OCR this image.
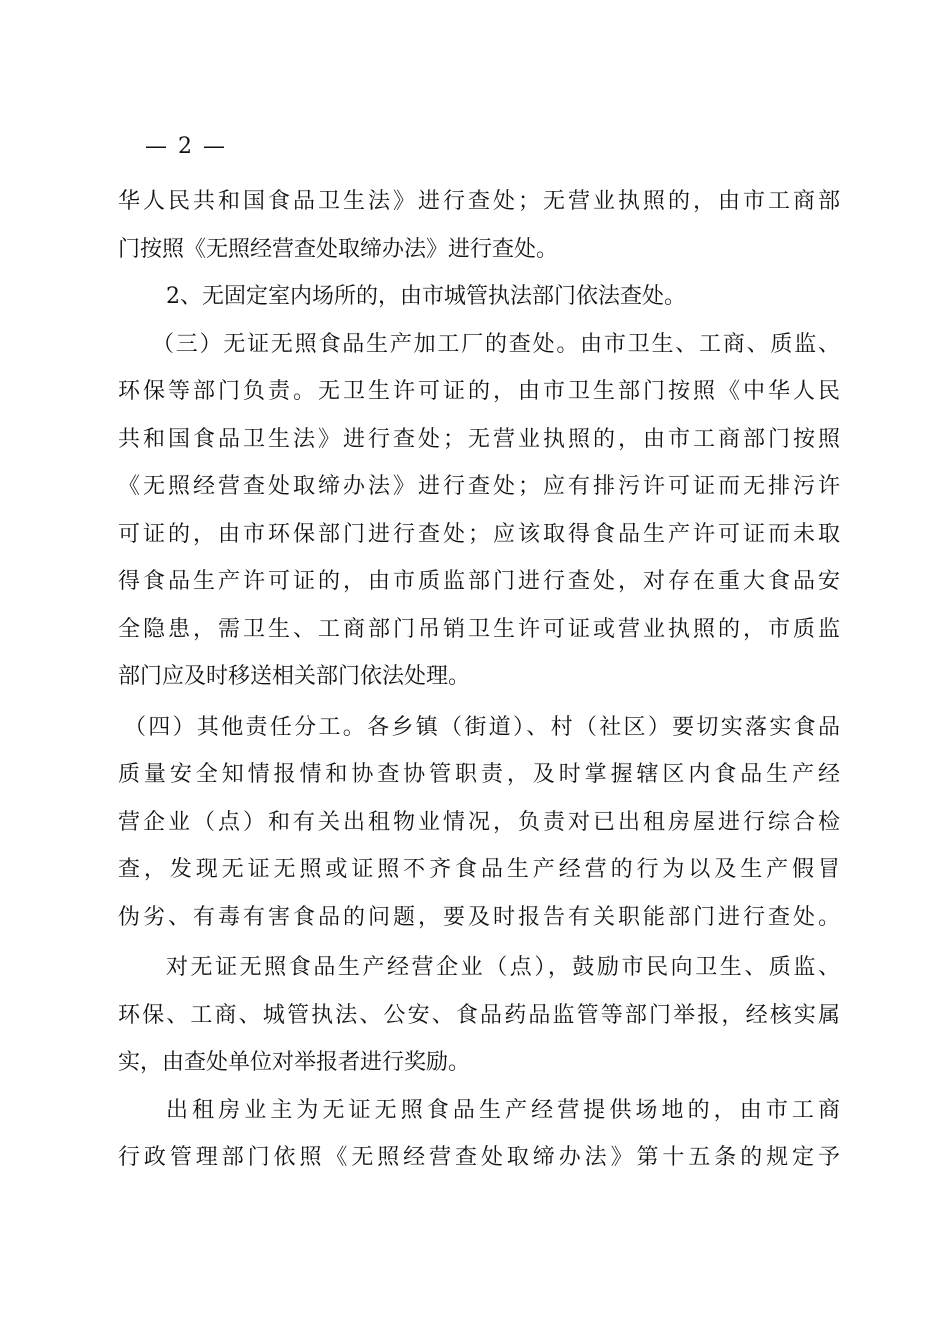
— 2 —
华人民共和国食品卫生法》进行查处；无营业执照的，由市工商部
门按照《无照经营查处取缔办法》进行查处。
2、无固定室内场所的，由市城管执法部门依法查处。
（三）无证无照食品生产加工厂的查处。由市卫生、工商、质监、
环保等部门负责。无卫生许可证的，由市卫生部门按照《中华人民
共和国食品卫生法》进行查处；无营业执照的，由市工商部门按照
《无照经营查处取缔办法》进行查处；应有排污许可证而无排污许
可证的，由市环保部门进行查处；应该取得食品生产许可证而未取
得食品生产许可证的，由市质监部门进行查处，对存在重大食品安
全隐患，需卫生、工商部门吊销卫生许可证或营业执照的，市质监
部门应及时移送相关部门依法处理。
（四）其他责任分工。各乡镇（街道）、村（社区）要切实落实食品
质量安全知情报情和协查协管职责，及时掌握辖区内食品生产经
营企业（点）和有关出租物业情况，负责对已出租房屋进行综合检
查，发现无证无照或证照不齐食品生产经营的行为以及生产假冒
伪劣、有毒有害食品的问题，要及时报告有关职能部门进行查处。
对无证无照食品生产经营企业（点），鼓励市民向卫生、质监、
环保、工商、城管执法、公安、食品药品监管等部门举报，经核实属
实，由查处单位对举报者进行奖励。
出租房业主为无证无照食品生产经营提供场地的，由市工商
行政管理部门依照《无照经营查处取缔办法》第十五条的规定予
